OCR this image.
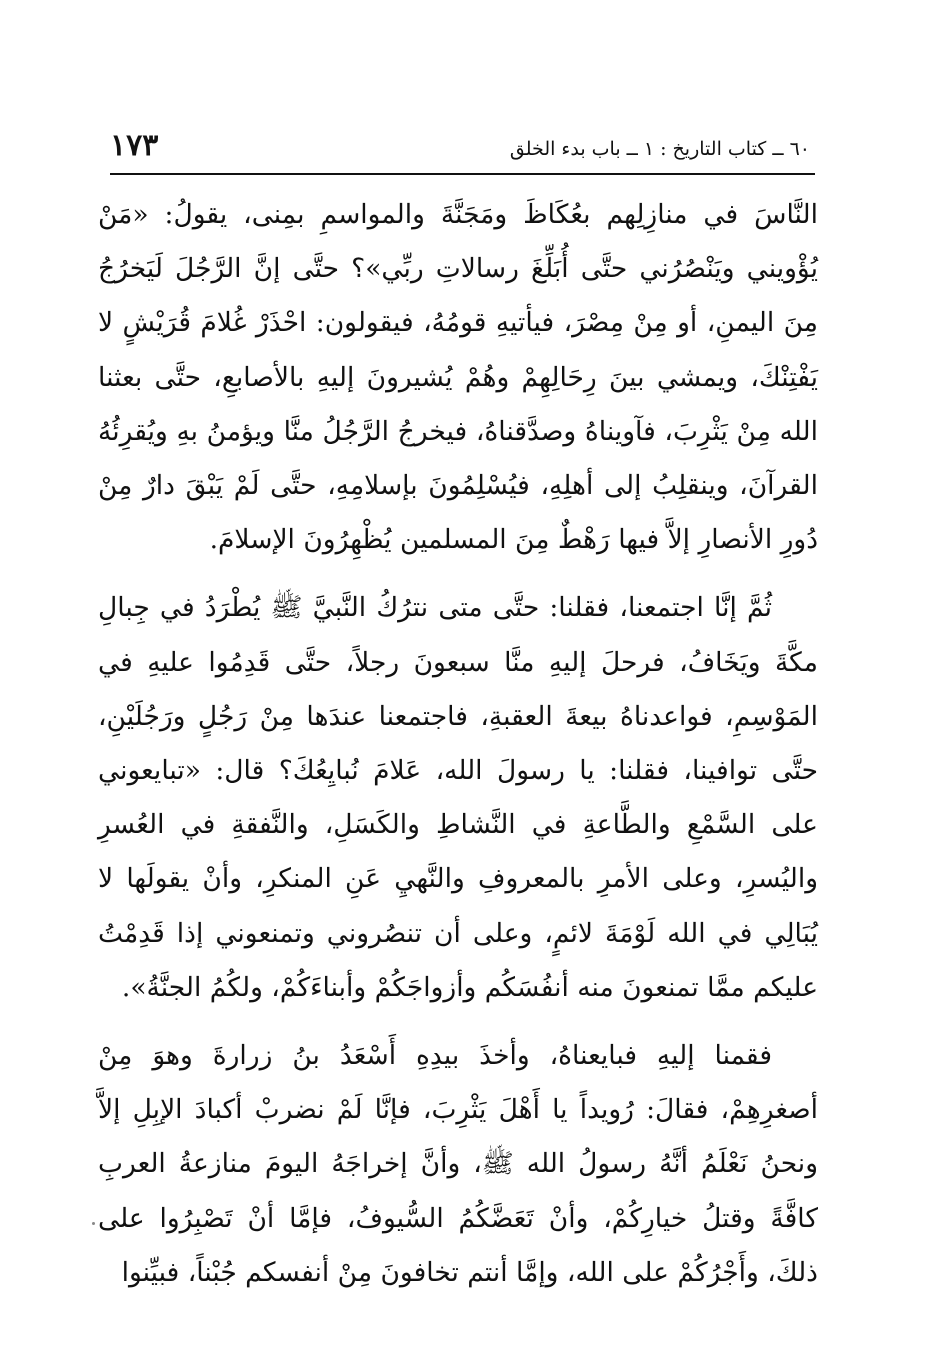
٦٠ ــ كتاب التاريخ : ١ ــ باب بدء الخلق
١٧٣

النَّاسَ في منازِلِهم بعُكَاظَ ومَجَنَّةَ والمواسمِ بمِنى، يقولُ: «مَنْ يُؤْويني ويَنْصُرُني حتَّى أُبَلِّغَ رسالاتِ ربِّي»؟ حتَّى إنَّ الرَّجُلَ لَيَخرُجُ مِنَ اليمنِ، أو مِنْ مِصْرَ، فيأتيهِ قومُهُ، فيقولون: احْذَرْ غُلامَ قُرَيْشٍ لا يَفْتِنْكَ، ويمشي بينَ رِحَالِهِمْ وهُمْ يُشيرونَ إليهِ بالأصابعِ، حتَّى بعثنا الله مِنْ يَثْرِبَ، فآويناهُ وصدَّقناهُ، فيخرجُ الرَّجُلُ منَّا ويؤمنُ بهِ ويُقرِئُهُ القرآنَ، وينقلِبُ إلى أهلِهِ، فيُسْلِمُونَ بإسلامِهِ، حتَّى لَمْ يَبْقَ دارٌ مِنْ دُورِ الأنصارِ إلاَّ فيها رَهْطٌ مِنَ المسلمين يُظْهِرُونَ الإسلامَ.

ثُمَّ إنَّا اجتمعنا، فقلنا: حتَّى متى نترُكُ النَّبيَّ ﷺ يُطْرَدُ في جِبالِ مكَّةَ ويَخَافُ، فرحلَ إليهِ منَّا سبعونَ رجلاً، حتَّى قَدِمُوا عليهِ في المَوْسِمِ، فواعدناهُ بيعةَ العقبةِ، فاجتمعنا عندَها مِنْ رَجُلٍ ورَجُلَيْنِ، حتَّى توافينا، فقلنا: يا رسولَ الله، عَلامَ نُبايِعُكَ؟ قال: «تبايعوني على السَّمْعِ والطَّاعةِ في النَّشاطِ والكَسَلِ، والنَّفقةِ في العُسرِ واليُسرِ، وعلى الأمرِ بالمعروفِ والنَّهيِ عَنِ المنكرِ، وأنْ يقولَها لا يُبَالِي في الله لَوْمَةَ لائمٍ، وعلى أن تنصُروني وتمنعوني إذا قَدِمْتُ عليكم ممَّا تمنعونَ منه أنفُسَكُم وأزواجَكُمْ وأبناءَكُمْ، ولكُمُ الجنَّةُ».

فقمنا إليهِ فبايعناهُ، وأخذَ بيدِهِ أَسْعَدُ بنُ زرارةَ وهوَ مِنْ أصغرِهِمْ، فقالَ: رُويداً يا أَهْلَ يَثْرِبَ، فإنَّا لَمْ نضربْ أكبادَ الإبِلِ إلاَّ ونحنُ نَعْلَمُ أنَّهُ رسولُ الله ﷺ، وأنَّ إخراجَهُ اليومَ منازعةُ العربِ كافَّةً وقتلُ خيارِكُمْ، وأنْ تَعَضَّكُمُ السُّيوفُ، فإمَّا أنْ تَصْبِرُوا على ذلكَ، وأَجْرُكُمْ على الله، وإمَّا أنتم تخافونَ مِنْ أنفسكم جُبْناً، فبيِّنوا
